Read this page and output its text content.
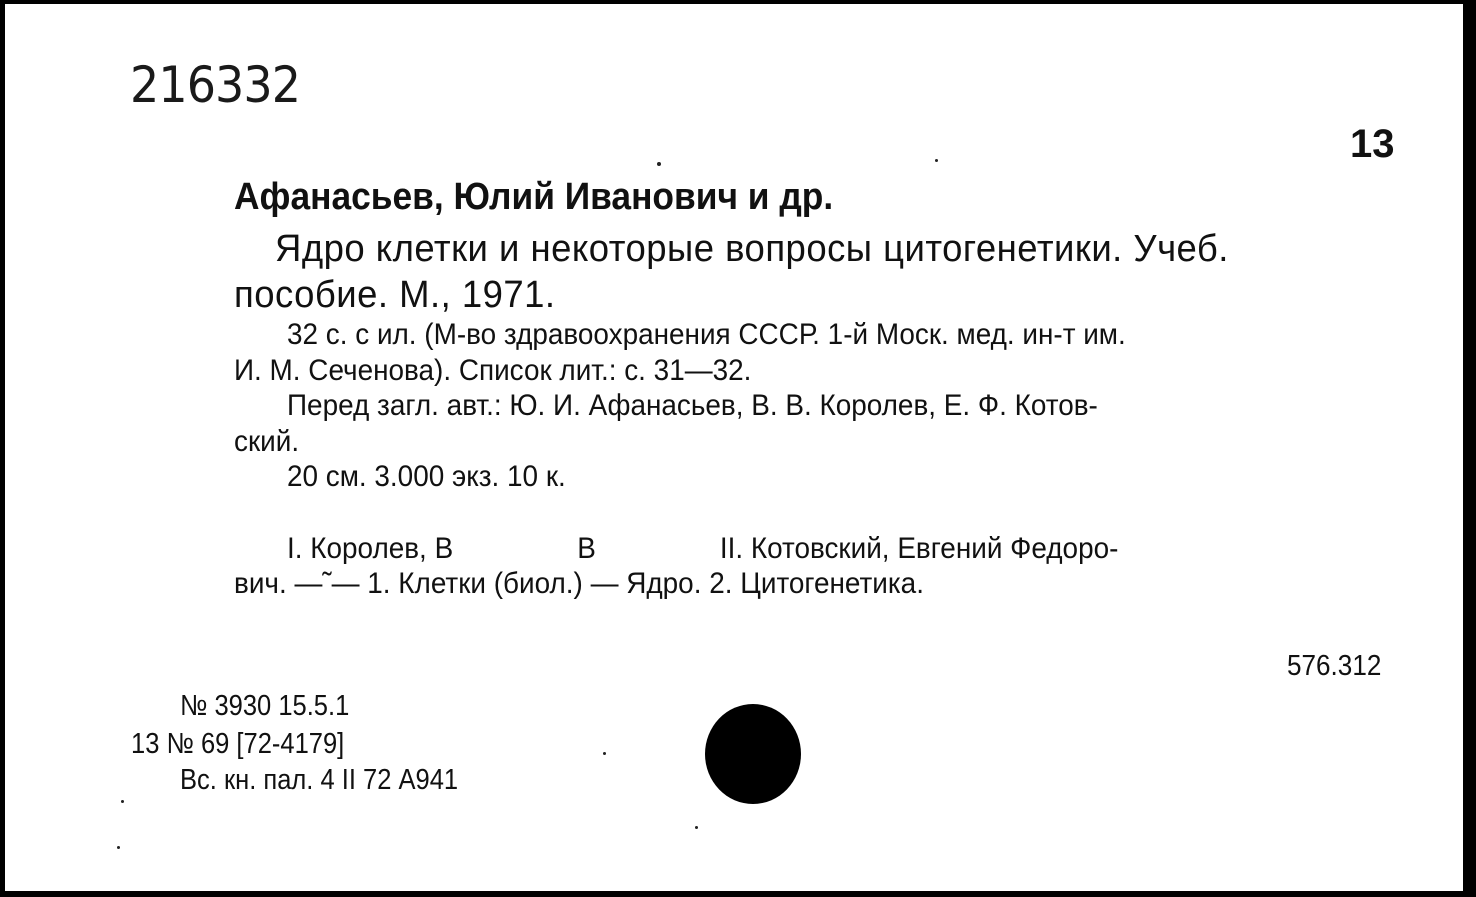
216332
13
Афанасьев, Юлий Иванович и др.
Ядро клетки и некоторые вопросы цитогенетики. Учеб.
пособие. М., 1971.
32 с. с ил. (М-во здравоохранения СССР. 1-й Моск. мед. ин-т им.
И. М. Сеченова). Список лит.: с. 31—32.
Перед загл. авт.: Ю. И. Афанасьев, В. В. Королев, Е. Ф. Котов-
ский.
20 см. 3.000 экз. 10 к.
I. Королев, В                В                II. Котовский, Евгений Федоро-
вич. —˜— 1. Клетки (биол.) — Ядро. 2. Цитогенетика.
576.312
№ 3930 15.5.1
13 № 69 [72-4179]
Вс. кн. пал. 4 II 72 А941
